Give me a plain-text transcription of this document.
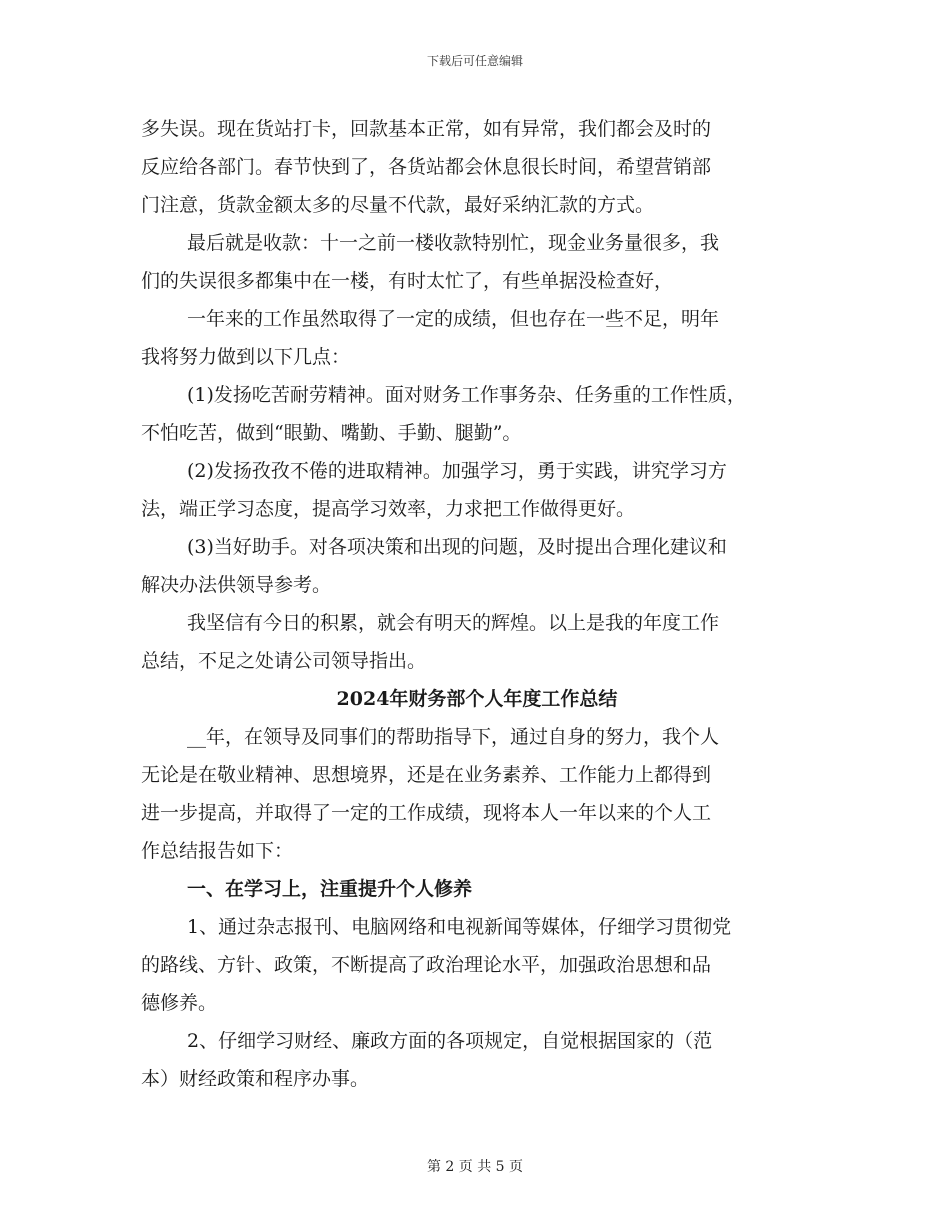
下载后可任意编辑
多失误。现在货站打卡，回款基本正常，如有异常，我们都会及时的
反应给各部门。春节快到了，各货站都会休息很长时间，希望营销部
门注意，货款金额太多的尽量不代款，最好采纳汇款的方式。
最后就是收款：十一之前一楼收款特别忙，现金业务量很多，我
们的失误很多都集中在一楼，有时太忙了，有些单据没检查好，
一年来的工作虽然取得了一定的成绩，但也存在一些不足，明年
我将努力做到以下几点：
(1)发扬吃苦耐劳精神。面对财务工作事务杂、任务重的工作性质，
不怕吃苦，做到“眼勤、嘴勤、手勤、腿勤”。
(2)发扬孜孜不倦的进取精神。加强学习，勇于实践，讲究学习方
法，端正学习态度，提高学习效率，力求把工作做得更好。
(3)当好助手。对各项决策和出现的问题，及时提出合理化建议和
解决办法供领导参考。
我坚信有今日的积累，就会有明天的辉煌。以上是我的年度工作
总结，不足之处请公司领导指出。
2024年财务部个人年度工作总结
__年，在领导及同事们的帮助指导下，通过自身的努力，我个人
无论是在敬业精神、思想境界，还是在业务素养、工作能力上都得到
进一步提高，并取得了一定的工作成绩，现将本人一年以来的个人工
作总结报告如下：
一、在学习上，注重提升个人修养
1、通过杂志报刊、电脑网络和电视新闻等媒体，仔细学习贯彻党
的路线、方针、政策，不断提高了政治理论水平，加强政治思想和品
德修养。
2、仔细学习财经、廉政方面的各项规定，自觉根据国家的（范
本）财经政策和程序办事。
第 2 页 共 5 页
